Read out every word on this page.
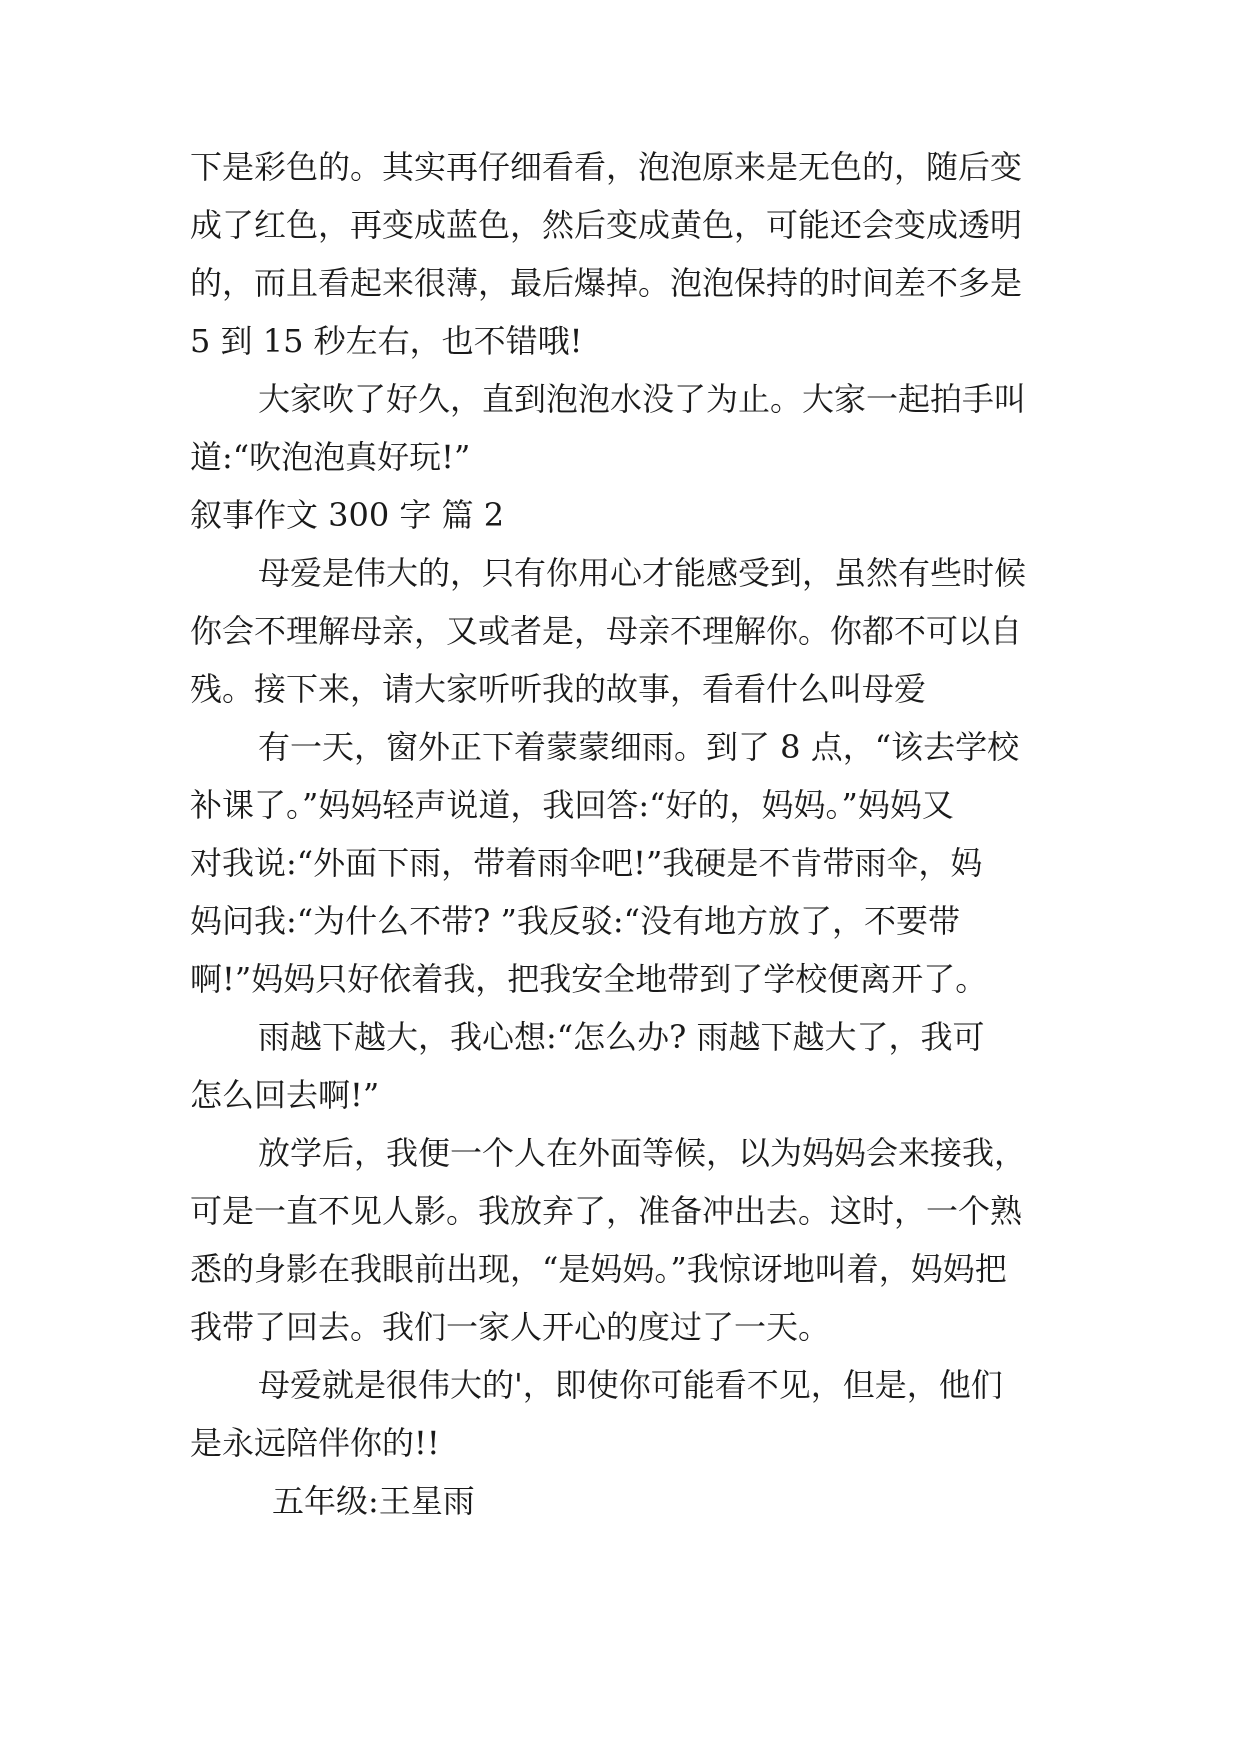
下是彩色的。其实再仔细看看，泡泡原来是无色的，随后变
成了红色，再变成蓝色，然后变成黄色，可能还会变成透明
的，而且看起来很薄，最后爆掉。泡泡保持的时间差不多是
5 到 15 秒左右，也不错哦!
大家吹了好久，直到泡泡水没了为止。大家一起拍手叫
道:“吹泡泡真好玩!”
叙事作文 300 字 篇 2
母爱是伟大的，只有你用心才能感受到，虽然有些时候
你会不理解母亲，又或者是，母亲不理解你。你都不可以自
残。接下来，请大家听听我的故事，看看什么叫母爱
有一天，窗外正下着蒙蒙细雨。到了 8 点，“该去学校
补课了。”妈妈轻声说道，我回答:“好的，妈妈。”妈妈又
对我说:“外面下雨，带着雨伞吧!”我硬是不肯带雨伞，妈
妈问我:“为什么不带? ”我反驳:“没有地方放了，不要带
啊!”妈妈只好依着我，把我安全地带到了学校便离开了。
雨越下越大，我心想:“怎么办? 雨越下越大了，我可
怎么回去啊!”
放学后，我便一个人在外面等候，以为妈妈会来接我，
可是一直不见人影。我放弃了，准备冲出去。这时，一个熟
悉的身影在我眼前出现，“是妈妈。”我惊讶地叫着，妈妈把
我带了回去。我们一家人开心的度过了一天。
母爱就是很伟大的'，即使你可能看不见，但是，他们
是永远陪伴你的!!
五年级:王星雨
